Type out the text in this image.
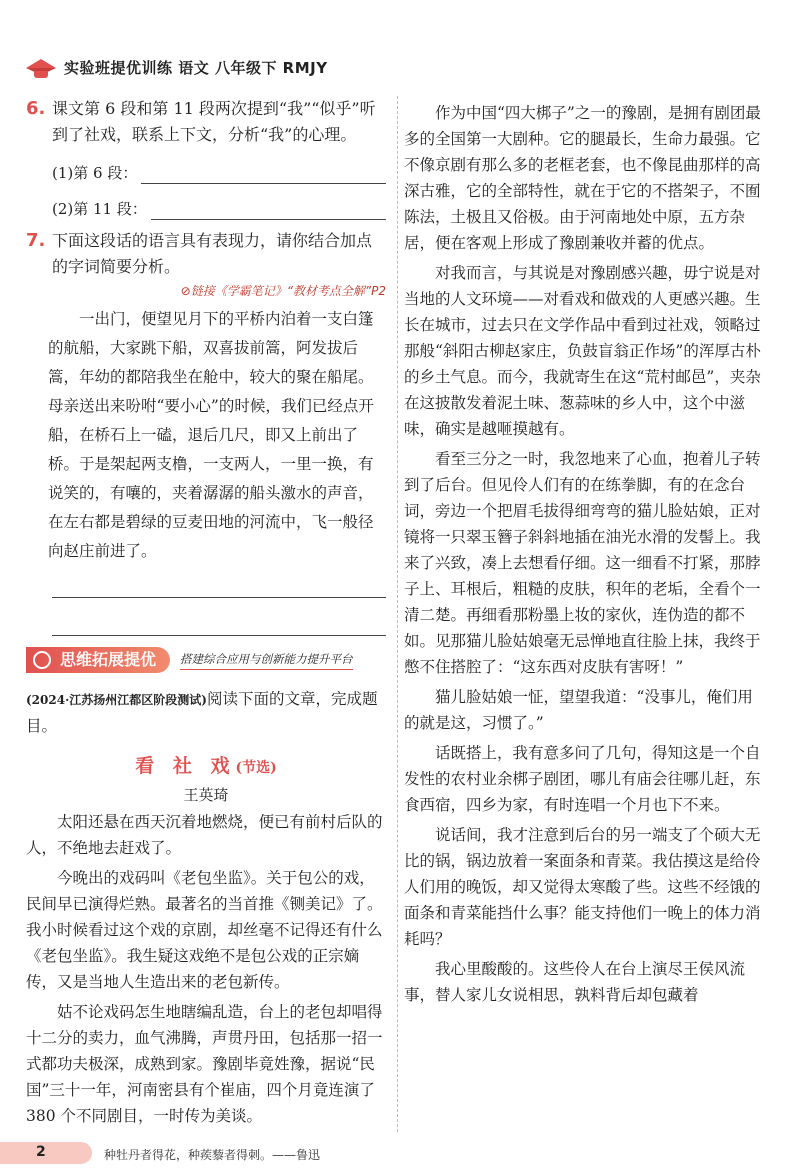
实验班提优训练 语文 八年级下 RMJY
6. 课文第 6 段和第 11 段两次提到“我”“似乎”听到了社戏，联系上下文，分析“我”的心理。
(1)第 6 段：
(2)第 11 段：
7. 下面这段话的语言具有表现力，请你结合加点的字词简要分析。
⊘链接《学霸笔记》“教材考点全解”P2

一出门，便望见月下的平桥内泊着一支白篷的航船，大家跳下船，双喜拔前篙，阿发拔后篙，年幼的都陪我坐在舱中，较大的聚在船尾。母亲送出来吩咐“要小心”的时候，我们已经点开船，在桥石上一磕，退后几尺，即又上前出了桥。于是架起两支橹，一支两人，一里一换，有说笑的，有嚷的，夹着潺潺的船头激水的声音，在左右都是碧绿的豆麦田地的河流中，飞一般径向赵庄前进了。

思维拓展提优	搭建综合应用与创新能力提升平台

(2024·江苏扬州江都区阶段测试)阅读下面的文章，完成题目。

看 社 戏(节选)
王英琦

太阳还悬在西天沉着地燃烧，便已有前村后队的人，不绝地去赶戏了。

今晚出的戏码叫《老包坐监》。关于包公的戏，民间早已演得烂熟。最著名的当首推《铡美记》了。我小时候看过这个戏的京剧，却丝毫不记得还有什么《老包坐监》。我生疑这戏绝不是包公戏的正宗嫡传，又是当地人生造出来的老包新传。

姑不论戏码怎生地瞎编乱造，台上的老包却唱得十二分的卖力，血气沸腾，声贯丹田，包括那一招一式都功夫极深，成熟到家。豫剧毕竟姓豫，据说“民国”三十一年，河南密县有个崔庙，四个月竟连演了 380 个不同剧目，一时传为美谈。

作为中国“四大梆子”之一的豫剧，是拥有剧团最多的全国第一大剧种。它的腿最长，生命力最强。它不像京剧有那么多的老框老套，也不像昆曲那样的高深古雅，它的全部特性，就在于它的不搭架子，不囿陈法，土极且又俗极。由于河南地处中原，五方杂居，便在客观上形成了豫剧兼收并蓄的优点。

对我而言，与其说是对豫剧感兴趣，毋宁说是对当地的人文环境——对看戏和做戏的人更感兴趣。生长在城市，过去只在文学作品中看到过社戏，领略过那般“斜阳古柳赵家庄，负鼓盲翁正作场”的浑厚古朴的乡土气息。而今，我就寄生在这“荒村邮邑”，夹杂在这披散发着泥土味、葱蒜味的乡人中，这个中滋味，确实是越咂摸越有。

看至三分之一时，我忽地来了心血，抱着儿子转到了后台。但见伶人们有的在练拳脚，有的在念台词，旁边一个把眉毛拔得细弯弯的猫儿脸姑娘，正对镜将一只翠玉簪子斜斜地插在油光水滑的发髻上。我来了兴致，凑上去想看仔细。这一细看不打紧，那脖子上、耳根后，粗糙的皮肤，积年的老垢，全看个一清二楚。再细看那粉墨上妆的家伙，连伪造的都不如。见那猫儿脸姑娘毫无忌惮地直往脸上抹，我终于憋不住搭腔了：“这东西对皮肤有害呀！”

猫儿脸姑娘一怔，望望我道：“没事儿，俺们用的就是这，习惯了。”

话既搭上，我有意多问了几句，得知这是一个自发性的农村业余梆子剧团，哪儿有庙会往哪儿赶，东食西宿，四乡为家，有时连唱一个月也下不来。

说话间，我才注意到后台的另一端支了个硕大无比的锅，锅边放着一案面条和青菜。我估摸这是给伶人们用的晚饭，却又觉得太寒酸了些。这些不经饿的面条和青菜能挡什么事？能支持他们一晚上的体力消耗吗？

我心里酸酸的。这些伶人在台上演尽王侯风流事，替人家儿女说相思，孰料背后却包藏着

2	种牡丹者得花，种蒺藜者得刺。——鲁迅
